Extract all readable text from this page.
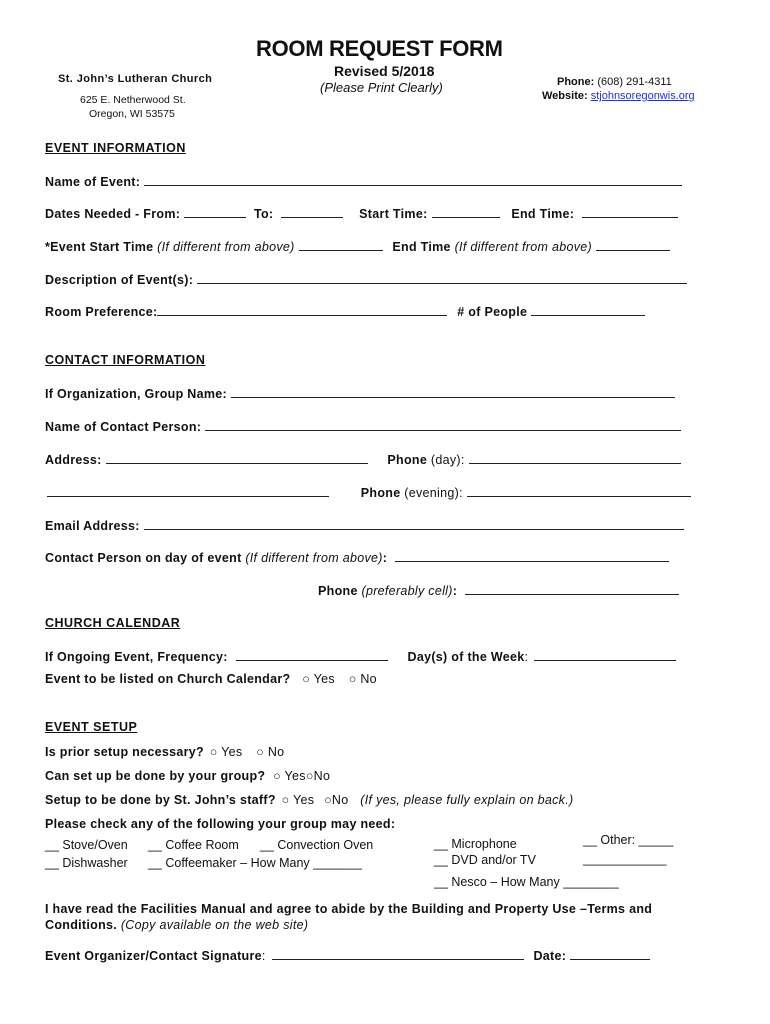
ROOM REQUEST FORM
Revised 5/2018
(Please Print Clearly)
St. John’s Lutheran Church
625 E. Netherwood St.
Oregon, WI 53575
Phone: (608) 291-4311
Website: stjohnsoregonwis.org
EVENT INFORMATION
Name of Event:
Dates Needed - From:	To:	Start Time:	End Time:
*Event Start Time (If different from above)	End Time (If different from above)
Description of Event(s):
Room Preference:	# of People
CONTACT INFORMATION
If Organization, Group Name:
Name of Contact Person:
Address:	Phone (day):
Phone (evening):
Email Address:
Contact Person on day of event (If different from above):
Phone (preferably cell):
CHURCH CALENDAR
If Ongoing Event, Frequency:	Day(s) of the Week:
Event to be listed on Church Calendar? ○ Yes ○ No
EVENT SETUP
Is prior setup necessary? ○ Yes ○ No
Can set up be done by your group? ○ Yes○No
Setup to be done by St. John’s staff? ○ Yes ○No (If yes, please fully explain on back.)
Please check any of the following your group may need:
__ Stove/Oven __ Coffee Room __ Convection Oven
__ Dishwasher __ Coffeemaker – How Many _______
__ Microphone
__ DVD and/or TV
__ Nesco – How Many ________
__ Other: _____
____________
I have read the Facilities Manual and agree to abide by the Building and Property Use –Terms and
Conditions. (Copy available on the web site)
Event Organizer/Contact Signature:	Date:
